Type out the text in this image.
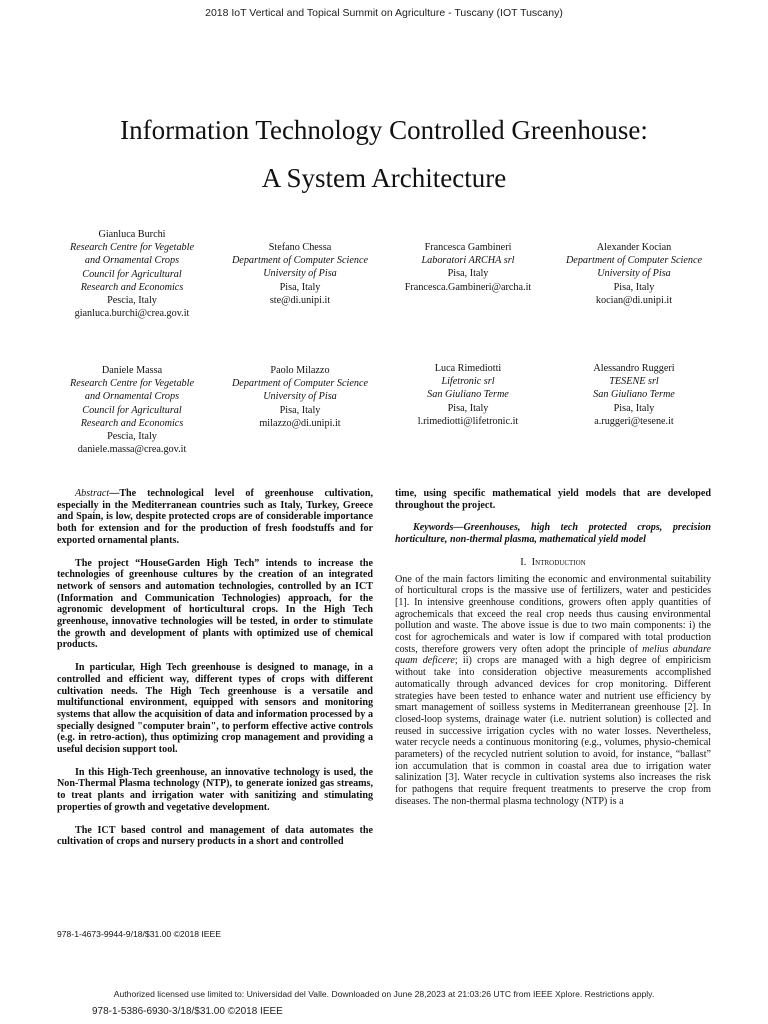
2018 IoT Vertical and Topical Summit on Agriculture - Tuscany (IOT Tuscany)
Information Technology Controlled Greenhouse:
A System Architecture
Gianluca Burchi
Research Centre for Vegetable
and Ornamental Crops
Council for Agricultural
Research and Economics
Pescia, Italy
gianluca.burchi@crea.gov.it
Stefano Chessa
Department of Computer Science
University of Pisa
Pisa, Italy
ste@di.unipi.it
Francesca Gambineri
Laboratori ARCHA srl
Pisa, Italy
Francesca.Gambineri@archa.it
Alexander Kocian
Department of Computer Science
University of Pisa
Pisa, Italy
kocian@di.unipi.it
Daniele Massa
Research Centre for Vegetable
and Ornamental Crops
Council for Agricultural
Research and Economics
Pescia, Italy
daniele.massa@crea.gov.it
Paolo Milazzo
Department of Computer Science
University of Pisa
Pisa, Italy
milazzo@di.unipi.it
Luca Rimediotti
Lifetronic srl
San Giuliano Terme
Pisa, Italy
l.rimediotti@lifetronic.it
Alessandro Ruggeri
TESENE srl
San Giuliano Terme
Pisa, Italy
a.ruggeri@tesene.it

Abstract—The technological level of greenhouse cultivation, especially in the Mediterranean countries such as Italy, Turkey, Greece and Spain, is low, despite protected crops are of considerable importance both for extension and for the production of fresh foodstuffs and for exported ornamental plants.

The project “HouseGarden High Tech” intends to increase the technologies of greenhouse cultures by the creation of an integrated network of sensors and automation technologies, controlled by an ICT (Information and Communication Technologies) approach, for the agronomic development of horticultural crops. In the High Tech greenhouse, innovative technologies will be tested, in order to stimulate the growth and development of plants with optimized use of chemical products.

In particular, High Tech greenhouse is designed to manage, in a controlled and efficient way, different types of crops with different cultivation needs. The High Tech greenhouse is a versatile and multifunctional environment, equipped with sensors and monitoring systems that allow the acquisition of data and information processed by a specially designed "computer brain", to perform effective active controls (e.g. in retro-action), thus optimizing crop management and providing a useful decision support tool.

In this High-Tech greenhouse, an innovative technology is used, the Non-Thermal Plasma technology (NTP), to generate ionized gas streams, to treat plants and irrigation water with sanitizing and stimulating properties of growth and vegetative development.

The ICT based control and management of data automates the cultivation of crops and nursery products in a short and controlled

time, using specific mathematical yield models that are developed throughout the project.

Keywords—Greenhouses, high tech protected crops, precision horticulture, non-thermal plasma, mathematical yield model

I. Introduction

One of the main factors limiting the economic and environmental suitability of horticultural crops is the massive use of fertilizers, water and pesticides [1]. In intensive greenhouse conditions, growers often apply quantities of agrochemicals that exceed the real crop needs thus causing environmental pollution and waste. The above issue is due to two main components: i) the cost for agrochemicals and water is low if compared with total production costs, therefore growers very often adopt the principle of melius abundare quam deficere; ii) crops are managed with a high degree of empiricism without take into consideration objective measurements accomplished automatically through advanced devices for crop monitoring. Different strategies have been tested to enhance water and nutrient use efficiency by smart management of soilless systems in Mediterranean greenhouse [2]. In closed-loop systems, drainage water (i.e. nutrient solution) is collected and reused in successive irrigation cycles with no water losses. Nevertheless, water recycle needs a continuous monitoring (e.g., volumes, physio-chemical parameters) of the recycled nutrient solution to avoid, for instance, “ballast” ion accumulation that is common in coastal area due to irrigation water salinization [3]. Water recycle in cultivation systems also increases the risk for pathogens that require frequent treatments to preserve the crop from diseases. The non-thermal plasma technology (NTP) is a

978-1-4673-9944-9/18/$31.00 ©2018 IEEE
Authorized licensed use limited to: Universidad del Valle. Downloaded on June 28,2023 at 21:03:26 UTC from IEEE Xplore. Restrictions apply.
978-1-5386-6930-3/18/$31.00 ©2018 IEEE
